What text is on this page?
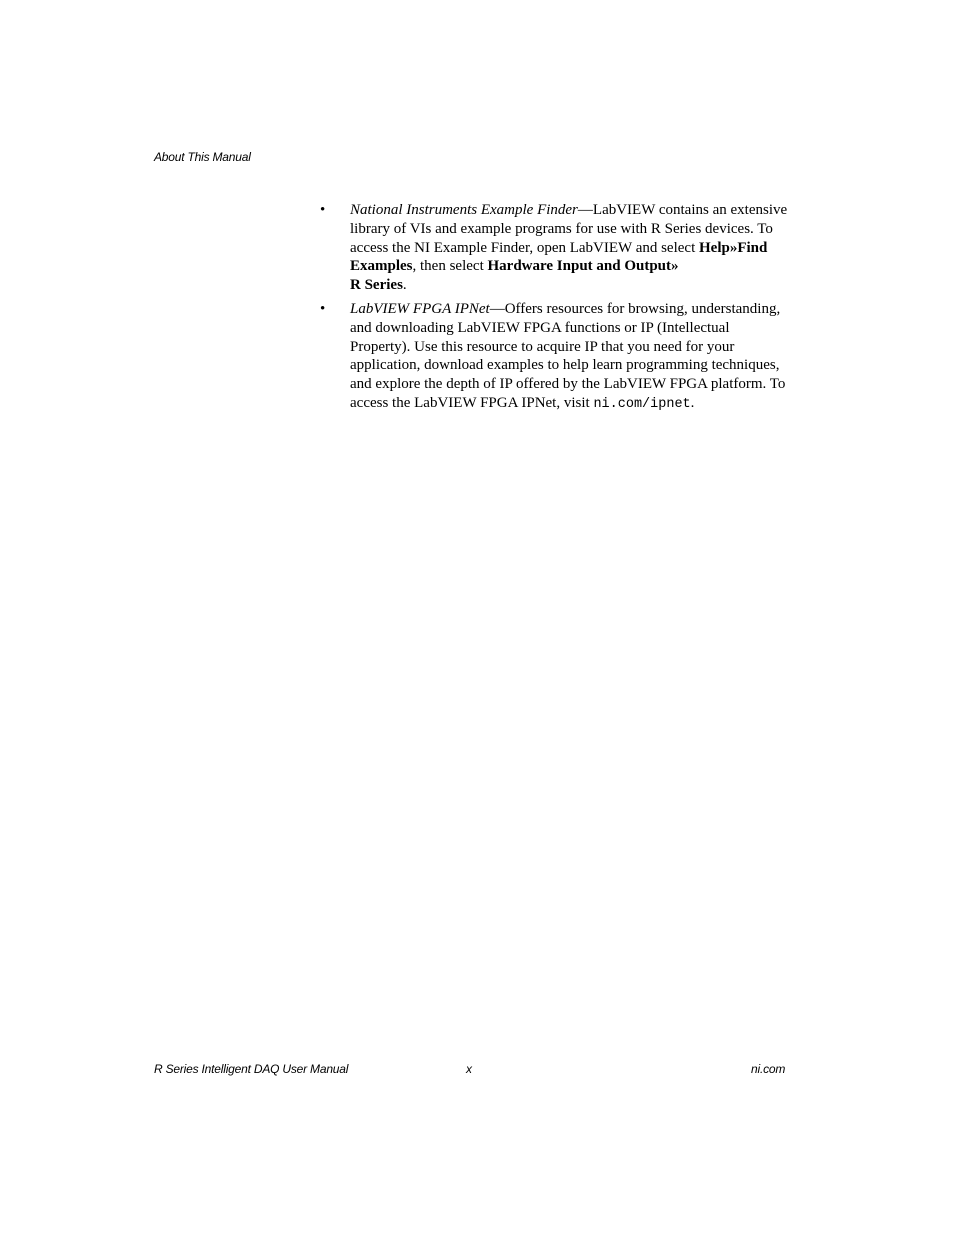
About This Manual
• National Instruments Example Finder—LabVIEW contains an extensive library of VIs and example programs for use with R Series devices. To access the NI Example Finder, open LabVIEW and select Help»Find Examples, then select Hardware Input and Output»
R Series.
• LabVIEW FPGA IPNet—Offers resources for browsing, understanding, and downloading LabVIEW FPGA functions or IP (Intellectual Property). Use this resource to acquire IP that you need for your application, download examples to help learn programming techniques, and explore the depth of IP offered by the LabVIEW FPGA platform. To access the LabVIEW FPGA IPNet, visit ni.com/ipnet.
R Series Intelligent DAQ User Manual	x	ni.com
